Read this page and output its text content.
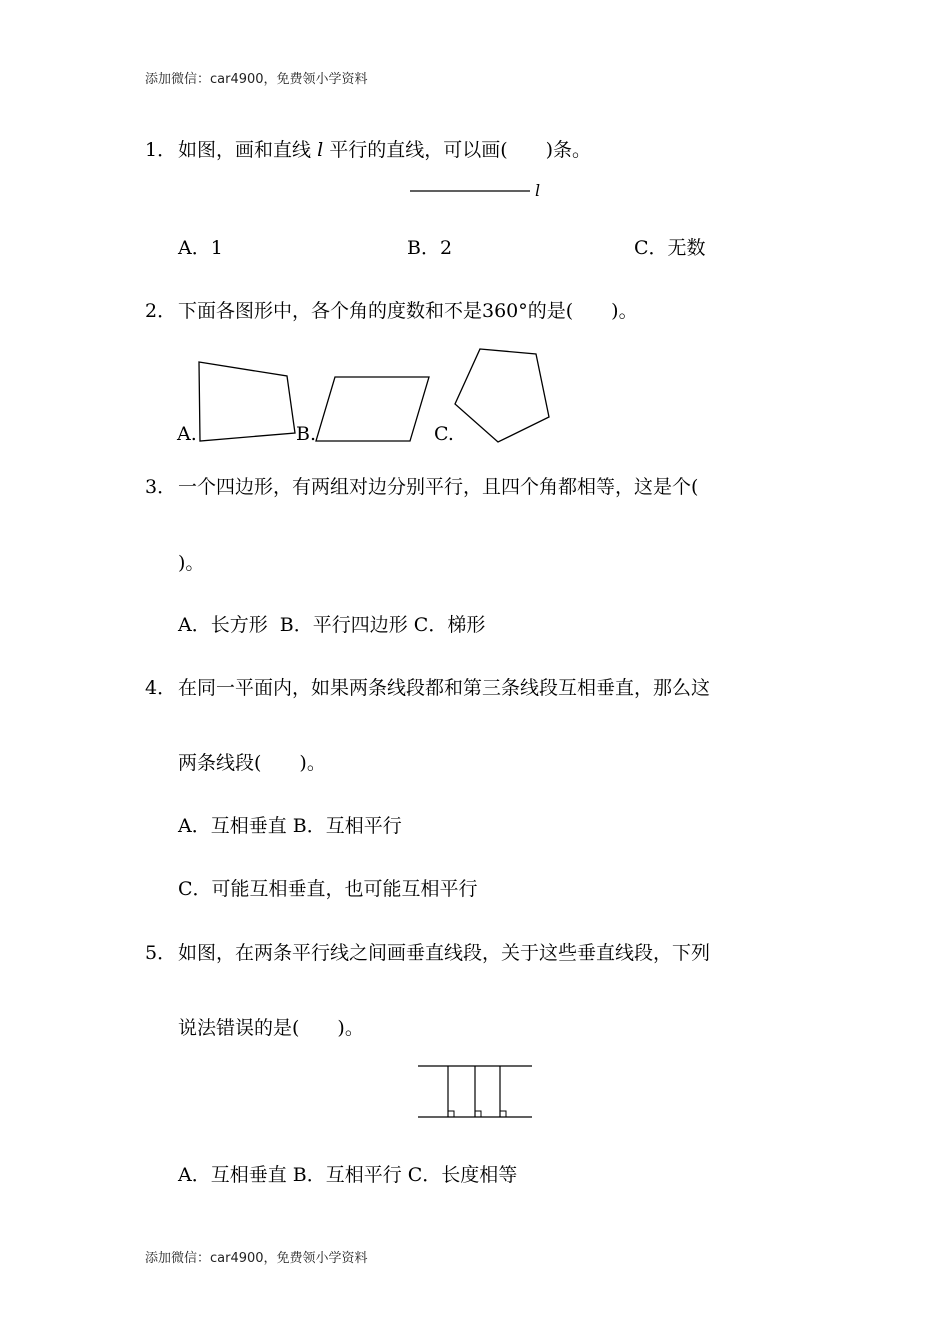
添加微信：car4900，免费领小学资料
1． 如图，画和直线 l 平行的直线，可以画(　　)条。
l
A．1	B．2	C．无数
2． 下面各图形中，各个角的度数和不是360°的是(　　)。
A.	B.	C.
3． 一个四边形，有两组对边分别平行，且四个角都相等，这是个(
)。
A．长方形  B．平行四边形 C．梯形
4． 在同一平面内，如果两条线段都和第三条线段互相垂直，那么这
两条线段(　　)。
A．互相垂直 B．互相平行
C．可能互相垂直，也可能互相平行
5． 如图，在两条平行线之间画垂直线段，关于这些垂直线段，下列
说法错误的是(　　)。
A．互相垂直 B．互相平行 C．长度相等
添加微信：car4900，免费领小学资料
